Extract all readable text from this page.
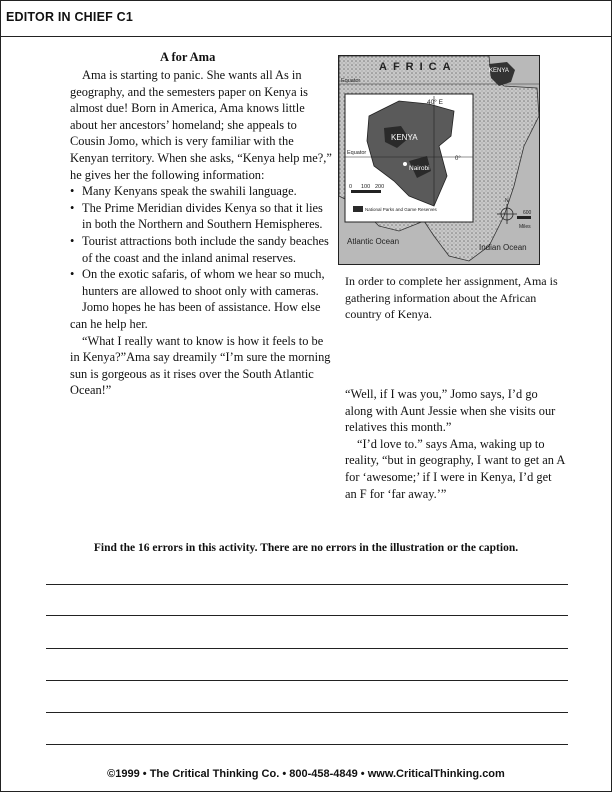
EDITOR IN CHIEF C1
A for Ama

Ama is starting to panic. She wants all As in geography, and the semesters paper on Kenya is almost due! Born in America, Ama knows little about her ancestors’ homeland; she appeals to Cousin Jomo, which is very familiar with the Kenyan territory. When she asks, “Kenya help me?,” he gives her the following information:

• Many Kenyans speak the swahili language.
• The Prime Meridian divides Kenya so that it lies in both the Northern and Southern Hemispheres.
• Tourist attractions both include the sandy beaches of the coast and the inland animal reserves.
• On the exotic safaris, of whom we hear so much, hunters are allowed to shoot only with cameras.

Jomo hopes he has been of assistance. How else can he help her.

“What I really want to know is how it feels to be in Kenya?”Ama say dreamily “I’m sure the morning sun is gorgeous as it rises over the South Atlantic Ocean!”

KENYA
AFRICA
Equator
KENYA
Nairobi
40° E
Equator
0°
0 100 200
National Parks and Game Reserves
Atlantic Ocean
Indian Ocean
N
600
Miles
In order to complete her assignment, Ama is gathering information about the African country of Kenya.

“Well, if I was you,” Jomo says, I’d go along with Aunt Jessie when she visits our relatives this month.”

“I’d love to.” says Ama, waking up to reality, “but in geography, I want to get an A for ‘awesome;’ if I were in Kenya, I’d get an F for ‘far away.’”

Find the 16 errors in this activity. There are no errors in the illustration or the caption.
©1999 • The Critical Thinking Co. • 800-458-4849 • www.CriticalThinking.com
